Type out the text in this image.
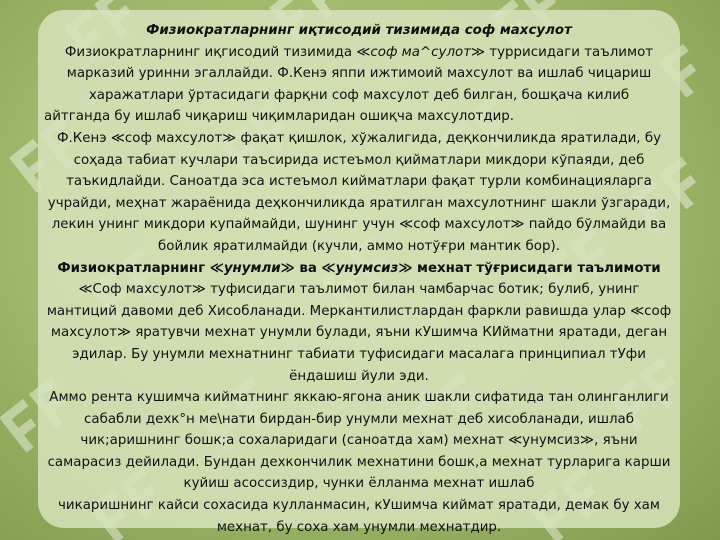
Физиократларнинг иқтисодий тизимида соф махсулот

Физиократларнинг иқгисодий тизимида ≪соф ма^сулот≫ туррисидаги таълимот марказий уринни эгаллайди. Ф.Кенэ яппи ижтимоий махсулот ва ишлаб чицариш харажатлари ўртасидаги фарқни соф махсулот деб билган, бошқача килиб

айтганда бу ишлаб чиқариш чиқимларидан ошиқча махсулотдир.

Ф.Кенэ ≪соф махсулот≫ фақат қишлок, хўжалигида, деқкончиликда яратилади, бу соҳада табиат кучлари таъсирида истеъмол қийматлари микдори кўпаяди, деб таъкидлайди. Саноатда эса истеъмол кийматлари фақат турли комбинацияларга учрайди, меҳнат жараёнида деҳкончиликда яратилган махсулотнинг шакли ўзгаради, лекин унинг микдори купаймайди, шунинг учун ≪соф махсулот≫ пайдо бўлмайди ва бойлик яратилмайди (кучли, аммо нотўғри мантик бор).

Физиократларнинг ≪унумли≫ ва ≪унумсиз≫ мехнат тўғрисидаги таълимоти

≪Соф махсулот≫ туфисидаги таълимот билан чамбарчас ботик; булиб, унинг мантиций давоми деб Хисобланади. Меркантилистлардан фаркли равишда улар ≪соф махсулот≫ яратувчи мехнат унумли булади, яъни кУшимча КИйматни яратади, деган эдилар. Бу унумли мехнатнинг табиати туфисидаги масалага принципиал тУфи ёндашиш йули эди.

Аммо рента кушимча кийматнинг яккаю-ягона аник шакли сифатида тан олинганлиги сабабли дехк°н ме\нати бирдан-бир унумли мехнат деб хисобланади, ишлаб чик;аришнинг бошк;а сохаларидаги (саноатда хам) мехнат ≪унумсиз≫, яъни самарасиз дейилади. Бундан дехкончилик мехнатини бошк,а мехнат турларига карши куйиш асоссиздир, чунки ёлланма мехнат ишлаб

чикаришнинг кайси сохасида кулланмасин, кУшимча киймат яратади, демак бу хам мехнат, бу соха хам унумли мехнатдир.
